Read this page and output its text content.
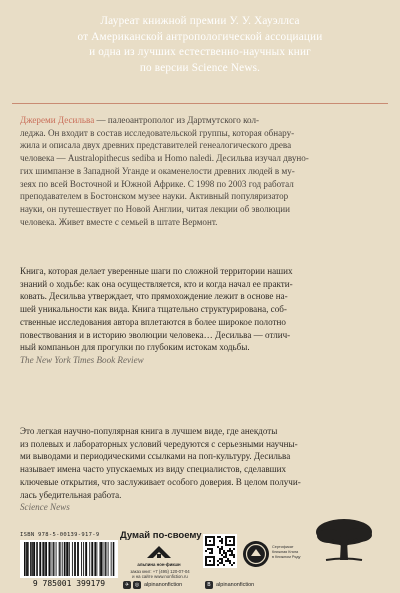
Лауреат книжной премии У. У. Хауэллса
от Американской антропологической ассоциации
и одна из лучших естественно-научных книг
по версии Science News.
Джереми Десильва — палеоантрополог из Дартмутского кол-
леджа. Он входит в состав исследовательской группы, которая обнару-
жила и описала двух древних представителей генеалогического древа
человека — Australopithecus sediba и Homo naledi. Десильва изучал двуно-
гих шимпанзе в Западной Уганде и окаменелости древних людей в му-
зеях по всей Восточной и Южной Африке. С 1998 по 2003 год работал
преподавателем в Бостонском музее науки. Активный популяризатор
науки, он путешествует по Новой Англии, читая лекции об эволюции
человека. Живет вместе с семьей в штате Вермонт.
Книга, которая делает уверенные шаги по сложной территории наших
знаний о ходьбе: как она осуществляется, кто и когда начал ее практи-
ковать. Десильва утверждает, что прямохождение лежит в основе на-
шей уникальности как вида. Книга тщательно структурирована, соб-
ственные исследования автора вплетаются в более широкое полотно
повествования и в историю эволюции человека… Десильва — отлич-
ный компаньон для прогулки по глубоким истокам ходьбы.
The New York Times Book Review
Это легкая научно-популярная книга в лучшем виде, где анекдоты
из полевых и лабораторных условий чередуются с серьезными научны-
ми выводами и периодическими ссылками на поп-культуру. Десильва
называет имена часто упускаемых из виду специалистов, сделавших
ключевые открытия, что заслуживает особого доверия. В целом получи-
лась убедительная работа.
Science News
ISBN 978-5-00139-917-9
9 785001 399179
Думай по-своему
альпина нон-фикшн
заказ книг: +7 (495) 120-07-04
и на сайте www.nonfiction.ru
Сертификат
Книжная Книга
в Книжном Ряду
✈	◎ alpinanonfiction	В alpinanonfiction
